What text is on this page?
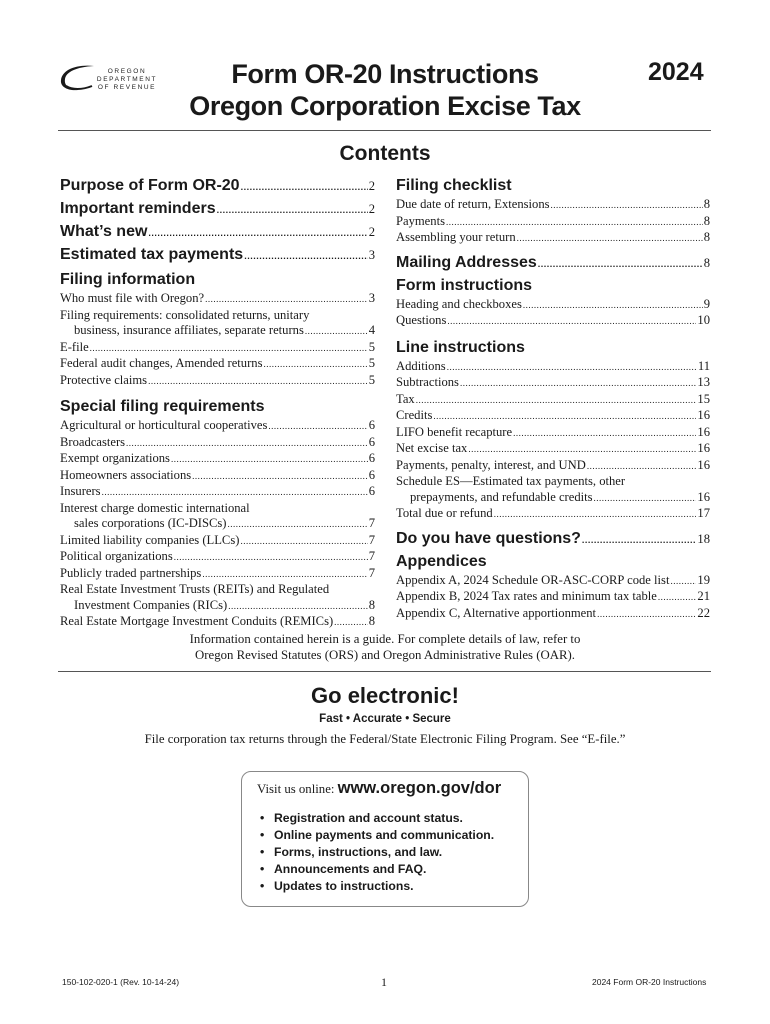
OREGON
DEPARTMENT
OF REVENUE	Form OR-20 Instructions
Oregon Corporation Excise Tax
2024
Contents
Purpose of Form OR-20 .....	2
Important reminders .....	2
What’s new .....	2
Estimated tax payments .....	3
Filing information
Who must file with Oregon? .....	3
Filing requirements: consolidated returns, unitary
business, insurance affiliates, separate returns .....	4
E-file .....	5
Federal audit changes, Amended returns .....	5
Protective claims .....	5
Special filing requirements
Agricultural or horticultural cooperatives .....	6
Broadcasters .....	6
Exempt organizations .....	6
Homeowners associations .....	6
Insurers .....	6
Interest charge domestic international
sales corporations (IC-DISCs) .....	7
Limited liability companies (LLCs) .....	7
Political organizations .....	7
Publicly traded partnerships .....	7
Real Estate Investment Trusts (REITs) and Regulated
Investment Companies (RICs) .....	8
Real Estate Mortgage Investment Conduits (REMICs) .....	8
Filing checklist
Due date of return, Extensions .....	8
Payments .....	8
Assembling your return .....	8
Mailing Addresses .....	8
Form instructions
Heading and checkboxes .....	9
Questions .....	10
Line instructions
Additions .....	11
Subtractions .....	13
Tax .....	15
Credits .....	16
LIFO benefit recapture .....	16
Net excise tax .....	16
Payments, penalty, interest, and UND .....	16
Schedule ES—Estimated tax payments, other
prepayments, and refundable credits .....	16
Total due or refund .....	17
Do you have questions? .....	18
Appendices
Appendix A, 2024 Schedule OR-ASC-CORP code list ..... 19
Appendix B, 2024 Tax rates and minimum tax table .....	21
Appendix C, Alternative apportionment .....	22
Information contained herein is a guide. For complete details of law, refer to
Oregon Revised Statutes (ORS) and Oregon Administrative Rules (OAR).
Go electronic!
Fast • Accurate • Secure
File corporation tax returns through the Federal/State Electronic Filing Program. See “E-file.”
Visit us online: www.oregon.gov/dor
• Registration and account status.
• Online payments and communication.
• Forms, instructions, and law.
• Announcements and FAQ.
• Updates to instructions.
150-102-020-1 (Rev. 10-14-24)	1	2024 Form OR-20 Instructions
